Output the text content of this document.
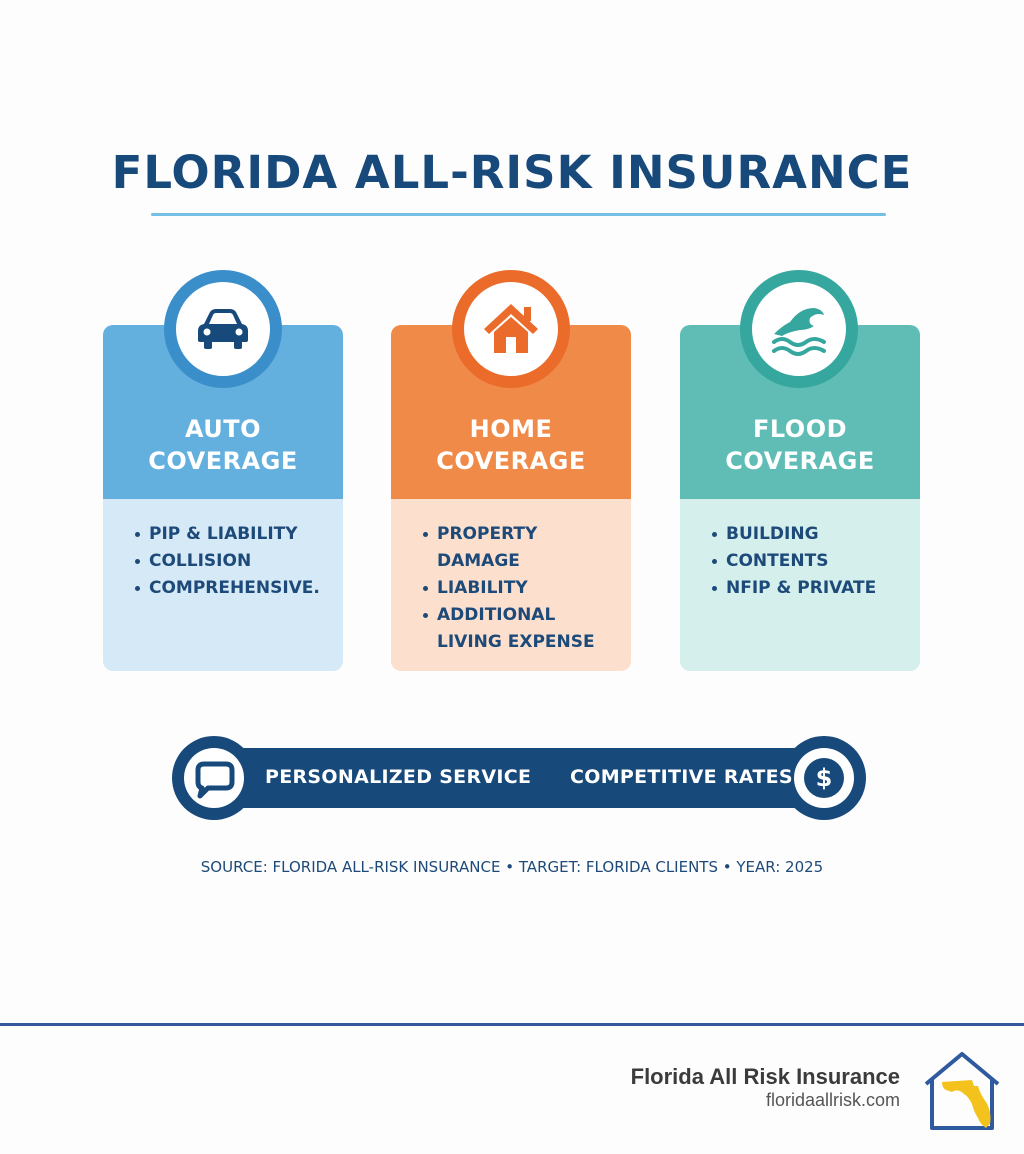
FLORIDA ALL-RISK INSURANCE
AUTO
COVERAGE
PIP & LIABILITY
COLLISION
COMPREHENSIVE.
HOME
COVERAGE
PROPERTY DAMAGE
LIABILITY
ADDITIONAL LIVING EXPENSE
FLOOD
COVERAGE
BUILDING
CONTENTS
NFIP & PRIVATE
$
PERSONALIZED SERVICE COMPETITIVE RATES
SOURCE: FLORIDA ALL-RISK INSURANCE • TARGET: FLORIDA CLIENTS • YEAR: 2025
Florida All Risk Insurance
floridaallrisk.com
